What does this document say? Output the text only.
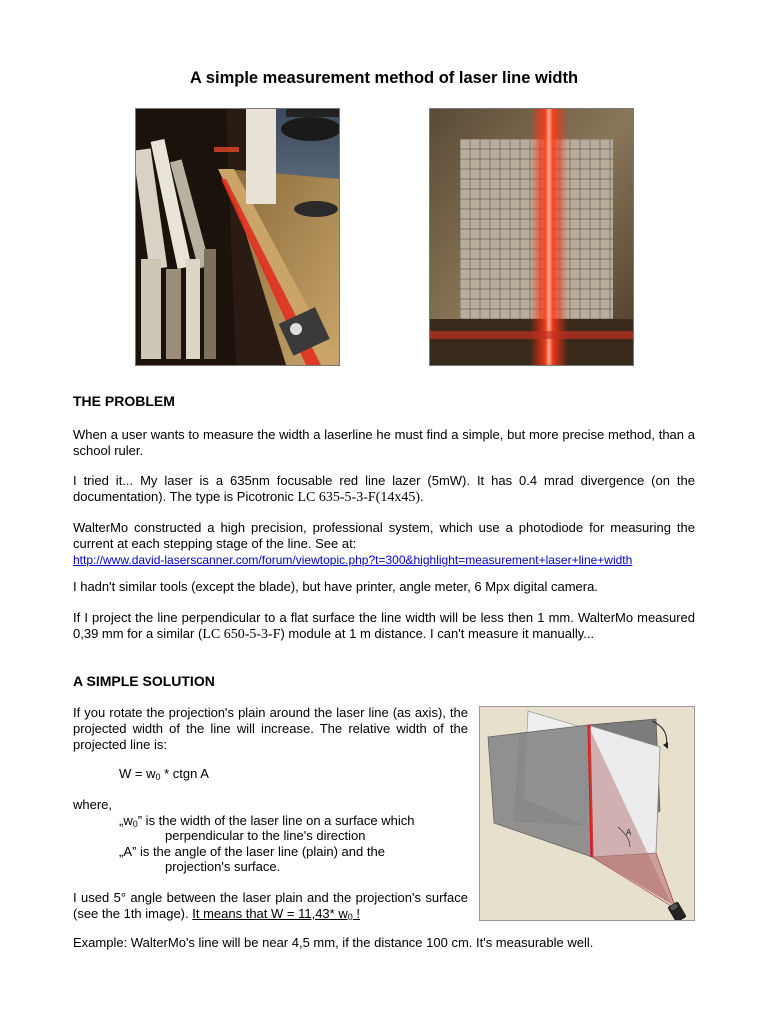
A simple measurement method of laser line width
THE PROBLEM

When a user wants to measure the width a laserline he must find a simple, but more precise method, than a school ruler.

I tried it... My laser is a 635nm focusable red line lazer (5mW). It has 0.4 mrad divergence (on the documentation). The type is Picotronic LC 635-5-3-F(14x45).

WalterMo constructed a high precision, professional system, which use a photodiode for measuring the current at each stepping stage of the line. See at:
http://www.david-laserscanner.com/forum/viewtopic.php?t=300&highlight=measurement+laser+line+width

I hadn't similar tools (except the blade), but have printer, angle meter, 6 Mpx digital camera.

If I project the line perpendicular to a flat surface the line width will be less then 1 mm. WalterMo measured 0,39 mm for a similar (LC 650-5-3-F) module at 1 m distance. I can't measure it manually...

A SIMPLE SOLUTION

If you rotate the projection's plain around the laser line (as axis), the projected width of the line will increase. The relative width of the projected line is:

$W = w_0$ * ctgn A
where,
$„w_0$” is the width of the laser line on a surface which
perpendicular to the line's direction
„A” is the angle of the laser line (plain) and the
projection's surface.

I used 5° angle between the laser plain and the projection's surface (see the 1th image). It means that W = 11,43* $w_0$ !

Example: WalterMo's line will be near 4,5 mm, if the distance 100 cm. It's measurable well.

A
